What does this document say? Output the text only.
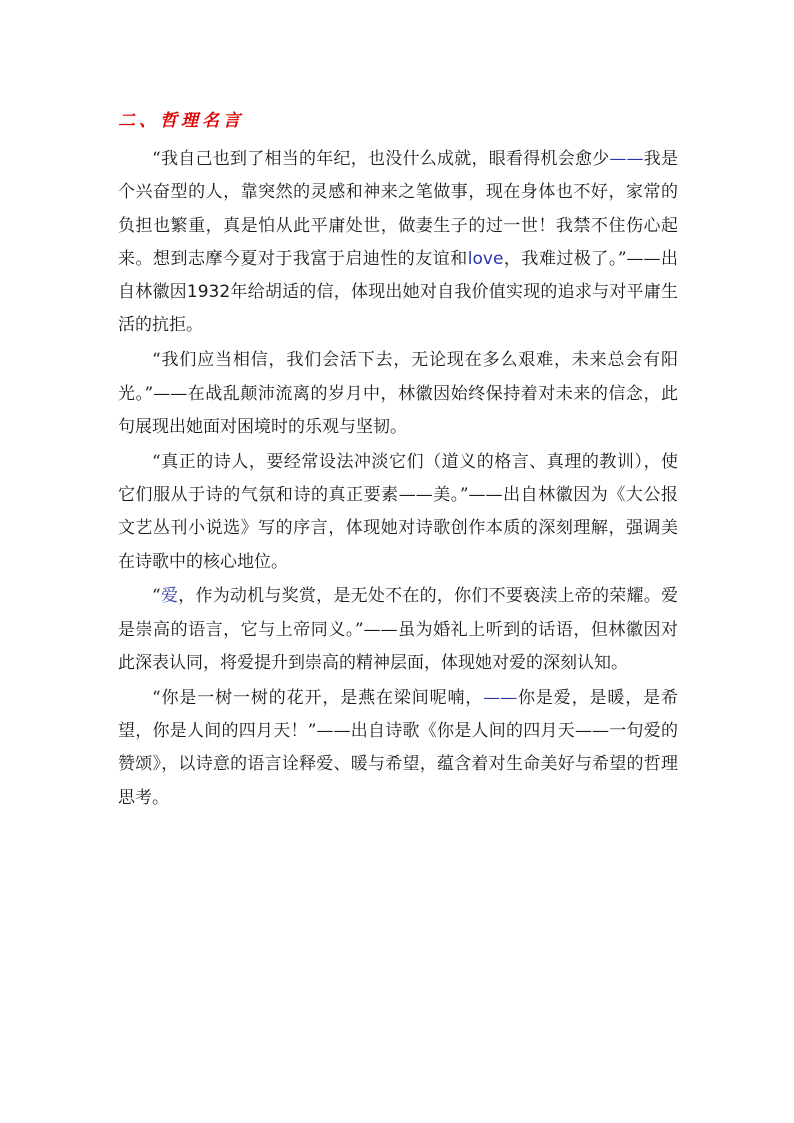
二、哲理名言

“我自己也到了相当的年纪，也没什么成就，眼看得机会愈少——我是个兴奋型的人，靠突然的灵感和神来之笔做事，现在身体也不好，家常的负担也繁重，真是怕从此平庸处世，做妻生子的过一世！我禁不住伤心起来。想到志摩今夏对于我富于启迪性的友谊和love，我难过极了。”——出自林徽因1932年给胡适的信，体现出她对自我价值实现的追求与对平庸生活的抗拒。

“我们应当相信，我们会活下去，无论现在多么艰难，未来总会有阳光。”——在战乱颠沛流离的岁月中，林徽因始终保持着对未来的信念，此句展现出她面对困境时的乐观与坚韧。

“真正的诗人，要经常设法冲淡它们（道义的格言、真理的教训），使它们服从于诗的气氛和诗的真正要素——美。”——出自林徽因为《大公报文艺丛刊小说选》写的序言，体现她对诗歌创作本质的深刻理解，强调美在诗歌中的核心地位。

“爱，作为动机与奖赏，是无处不在的，你们不要亵渎上帝的荣耀。爱是崇高的语言，它与上帝同义。”——虽为婚礼上听到的话语，但林徽因对此深表认同，将爱提升到崇高的精神层面，体现她对爱的深刻认知。

“你是一树一树的花开，是燕在梁间呢喃，——你是爱，是暖，是希望，你是人间的四月天！”——出自诗歌《你是人间的四月天——一句爱的赞颂》，以诗意的语言诠释爱、暖与希望，蕴含着对生命美好与希望的哲理思考。
